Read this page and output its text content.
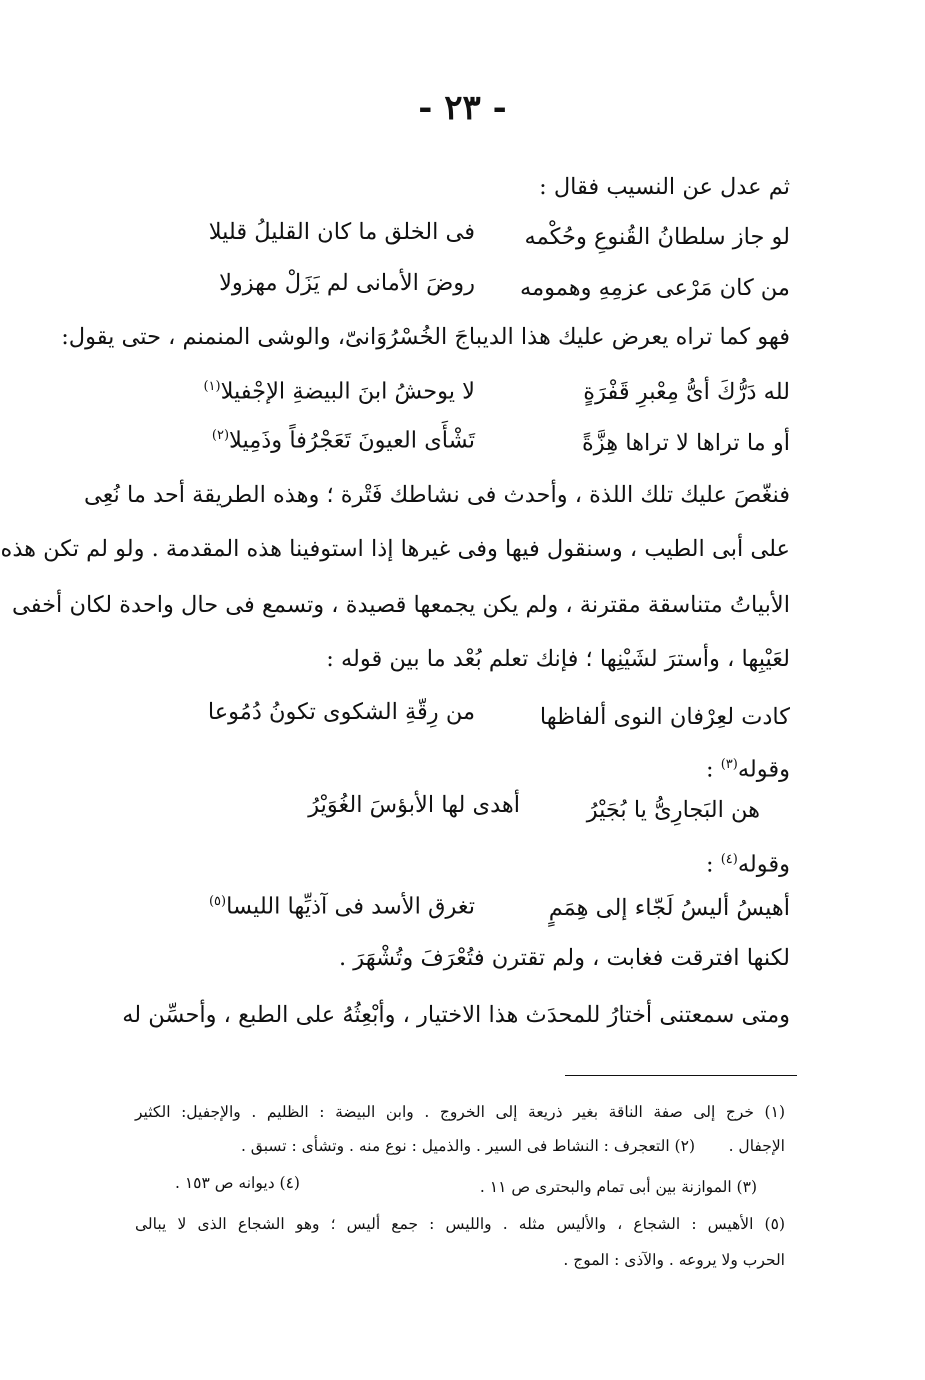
- ٢٣ -
ثم عدل عن النسيب فقال :
لو جاز سلطانُ القُنوعِ وحُكْمه
فى الخلق ما كان القليلُ قليلا
من كان مَرْعى عزمِهِ وهمومه
روضَ الأمانى لم يَزَلْ مهزولا
فهو كما تراه يعرض عليك هذا الديباجَ الخُسْرُوَانىّ، والوشى المنمنم ، حتى يقول:
لله دَرُّكَ أىُّ مِعْبرِ قَفْرَةٍ
لا يوحشُ ابنَ البيضةِ الإجْفيلا$^{(١)}$
أو ما تراها لا تراها هِزَّةً
تَشْأَى العيونَ تَعَجْرُفاً وذَمِيلا$^{(٢)}$
فنغّصَ عليك تلك اللذة ، وأحدث فى نشاطك فَتْرة ؛ وهذه الطريقة أحد ما نُعِى
على أبى الطيب ، وسنقول فيها وفى غيرها إذا استوفينا هذه المقدمة . ولو لم تكن هذه
الأبياتُ متناسقة مقترنة ، ولم يكن يجمعها قصيدة ، وتسمع فى حال واحدة لكان أخفى
لعَيْبِها ، وأسترَ لشَيْنِها ؛ فإنك تعلم بُعْد ما بين قوله :
كادت لعِرْفان النوى ألفاظها
من رِقّةِ الشكوى تكونُ دُمُوعا
وقوله$^{(٣)}$ :
هن البَجارِىُّ يا بُجَيْرُ
أهدى لها الأبؤسَ الغُوَيْرُ
وقوله$^{(٤)}$ :
أهيسُ أليسُ لَجّاء إلى هِمَمٍ
تغرق الأسد فى آذيِّها الليسا$^{(٥)}$
لكنها افترقت فغابت ، ولم تقترن فتُعْرَفَ وتُشْهَرَ .
ومتى سمعتنى أختارُ للمحدَث هذا الاختيار ، وأبْعِثُهُ على الطبع ، وأحسِّن له
(١) خرج إلى صفة الناقة بغير ذريعة إلى الخروج . وابن البيضة : الظليم . والإجفيل: الكثير
الإجفال .
(٢) التعجرف : النشاط فى السير . والذميل : نوع منه . وتشأى : تسبق .
(٣) الموازنة بين أبى تمام والبحترى ص ١١ .
(٤) ديوانه ص ١٥٣ .
(٥) الأهيس : الشجاع ، والأليس مثله . والليس : جمع أليس ؛ وهو الشجاع الذى لا يبالى
الحرب ولا يروعه . والآذى : الموج .
